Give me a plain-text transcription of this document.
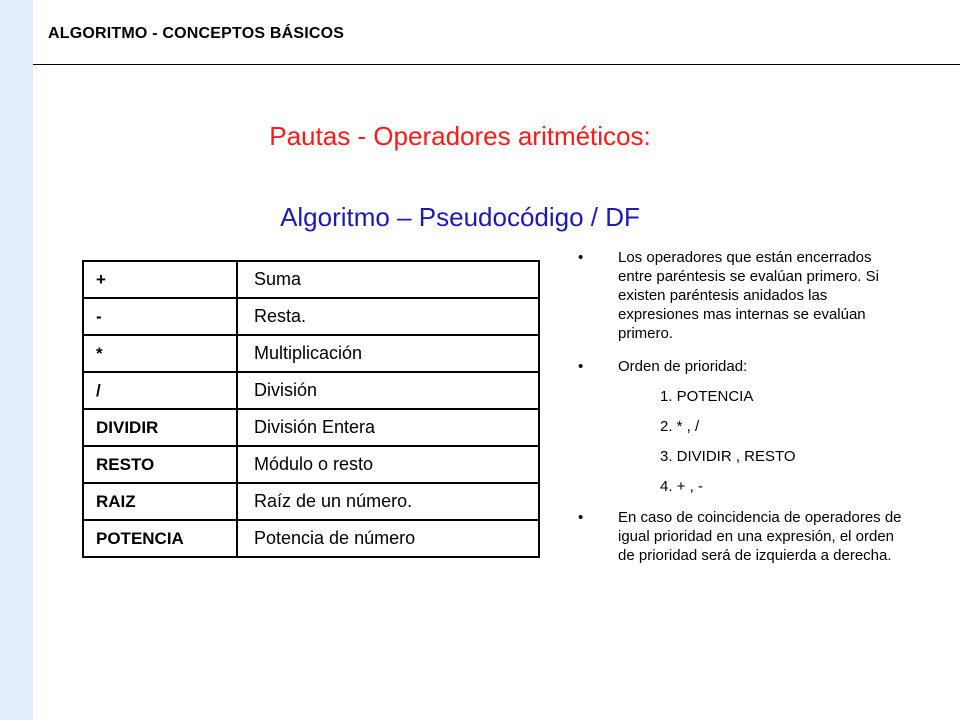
ALGORITMO - CONCEPTOS BÁSICOS
Pautas - Operadores aritméticos:
Algoritmo – Pseudocódigo / DF
+	Suma
-	Resta.
*	Multiplicación
/	División
DIVIDIR	División Entera
RESTO	Módulo o resto
RAIZ	Raíz de un número.
POTENCIA	Potencia de número
• Los operadores que están encerrados entre paréntesis se evalúan primero. Si existen paréntesis anidados las expresiones mas internas se evalúan primero.
• Orden de prioridad:
1. POTENCIA
2. * , /
3. DIVIDIR , RESTO
4. + , -
• En caso de coincidencia de operadores de igual prioridad en una expresión, el orden de prioridad será de izquierda a derecha.
